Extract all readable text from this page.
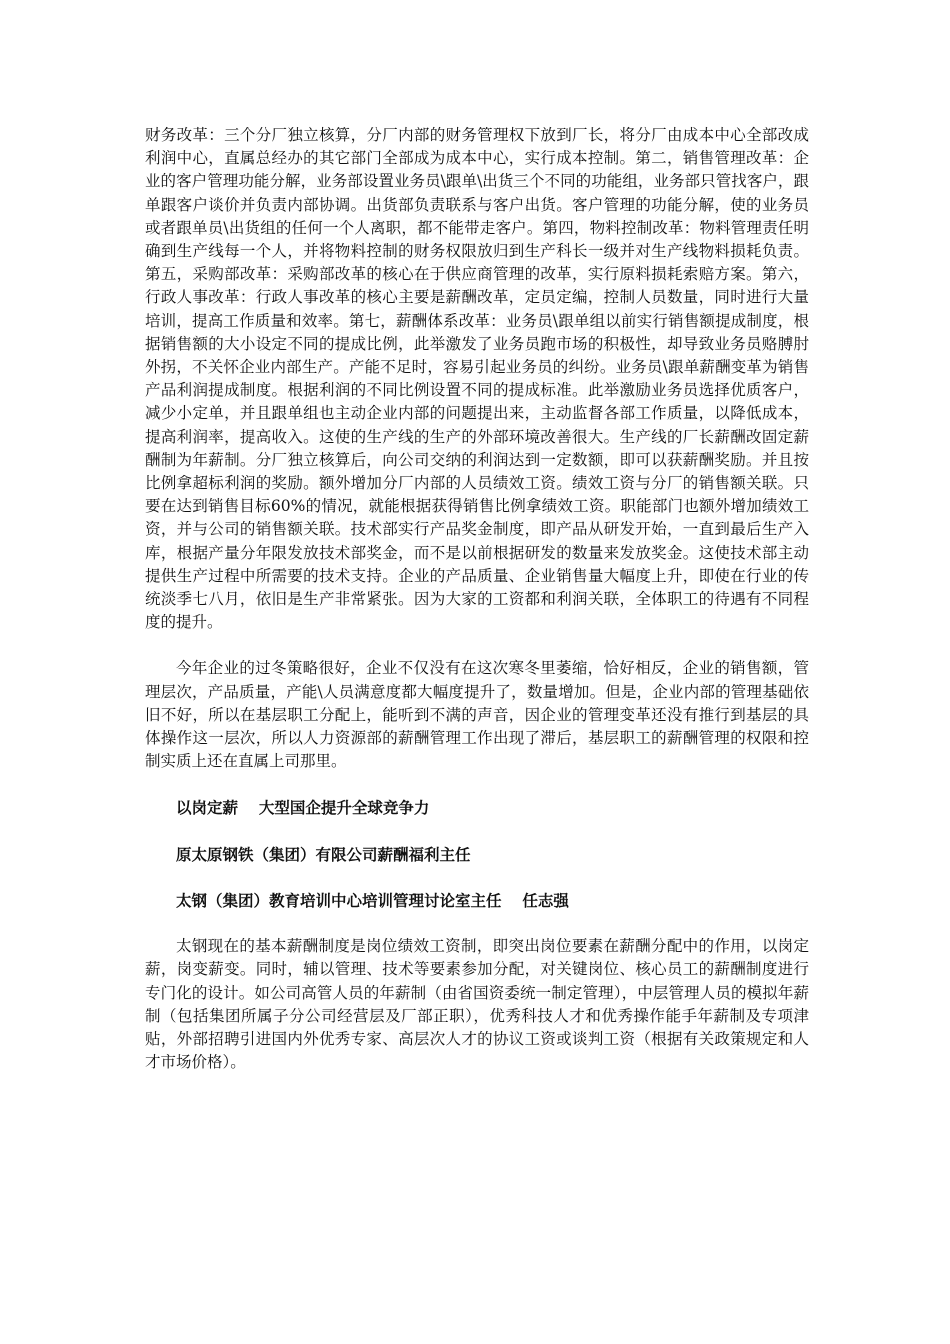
财务改革：三个分厂独立核算，分厂内部的财务管理权下放到厂长，将分厂由成本中心全部改成利润中心，直属总经办的其它部门全部成为成本中心，实行成本控制。第二，销售管理改革：企业的客户管理功能分解，业务部设置业务员\跟单\出货三个不同的功能组，业务部只管找客户，跟单跟客户谈价并负责内部协调。出货部负责联系与客户出货。客户管理的功能分解，使的业务员或者跟单员\出货组的任何一个人离职，都不能带走客户。第四，物料控制改革：物料管理责任明确到生产线每一个人，并将物料控制的财务权限放归到生产科长一级并对生产线物料损耗负责。第五，采购部改革：采购部改革的核心在于供应商管理的改革，实行原料损耗索赔方案。第六，行政人事改革：行政人事改革的核心主要是薪酬改革，定员定编，控制人员数量，同时进行大量培训，提高工作质量和效率。第七，薪酬体系改革：业务员\跟单组以前实行销售额提成制度，根据销售额的大小设定不同的提成比例，此举激发了业务员跑市场的积极性，却导致业务员赂膊肘外拐，不关怀企业内部生产。产能不足时，容易引起业务员的纠纷。业务员\跟单薪酬变革为销售产品利润提成制度。根据利润的不同比例设置不同的提成标准。此举激励业务员选择优质客户，减少小定单，并且跟单组也主动企业内部的问题提出来，主动监督各部工作质量，以降低成本，提高利润率，提高收入。这使的生产线的生产的外部环境改善很大。生产线的厂长薪酬改固定薪酬制为年薪制。分厂独立核算后，向公司交纳的利润达到一定数额，即可以获薪酬奖励。并且按比例拿超标利润的奖励。额外增加分厂内部的人员绩效工资。绩效工资与分厂的销售额关联。只要在达到销售目标60%的情况，就能根据获得销售比例拿绩效工资。职能部门也额外增加绩效工资，并与公司的销售额关联。技术部实行产品奖金制度，即产品从研发开始，一直到最后生产入库，根据产量分年限发放技术部奖金，而不是以前根据研发的数量来发放奖金。这使技术部主动提供生产过程中所需要的技术支持。企业的产品质量、企业销售量大幅度上升，即使在行业的传统淡季七八月，依旧是生产非常紧张。因为大家的工资都和利润关联，全体职工的待遇有不同程度的提升。

今年企业的过冬策略很好，企业不仅没有在这次寒冬里萎缩，恰好相反，企业的销售额，管理层次，产品质量，产能\人员满意度都大幅度提升了，数量增加。但是，企业内部的管理基础依旧不好，所以在基层职工分配上，能听到不满的声音，因企业的管理变革还没有推行到基层的具体操作这一层次，所以人力资源部的薪酬管理工作出现了滞后，基层职工的薪酬管理的权限和控制实质上还在直属上司那里。

以岗定薪　 大型国企提升全球竞争力

原太原钢铁（集团）有限公司薪酬福利主任

太钢（集团）教育培训中心培训管理讨论室主任　 任志强

太钢现在的基本薪酬制度是岗位绩效工资制，即突出岗位要素在薪酬分配中的作用，以岗定薪，岗变薪变。同时，辅以管理、技术等要素参加分配，对关键岗位、核心员工的薪酬制度进行专门化的设计。如公司高管人员的年薪制（由省国资委统一制定管理），中层管理人员的模拟年薪制（包括集团所属子分公司经营层及厂部正职），优秀科技人才和优秀操作能手年薪制及专项津贴，外部招聘引进国内外优秀专家、高层次人才的协议工资或谈判工资（根据有关政策规定和人才市场价格）。
